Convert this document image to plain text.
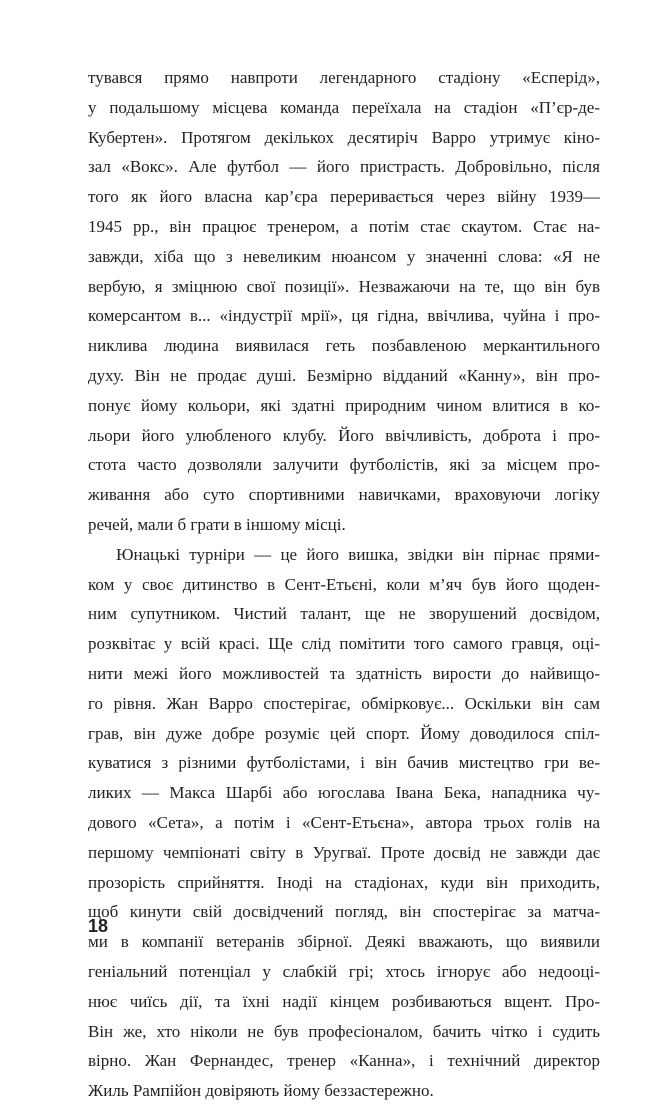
тувався прямо навпроти легендарного стадіону «Есперід»,
у подальшому місцева команда переїхала на стадіон «П’єр-де-
Кубертен». Протягом декількох десятиріч Варро утримує кіно-
зал «Вокс». Але футбол — його пристрасть. Добровільно, після
того як його власна кар’єра переривається через війну 1939—
1945 рр., він працює тренером, а потім стає скаутом. Стає на-
завжди, хіба що з невеликим нюансом у значенні слова: «Я не
вербую, я зміцнюю свої позиції». Незважаючи на те, що він був
комерсантом в... «індустрії мрії», ця гідна, ввічлива, чуйна і про-
никлива людина виявилася геть позбавленою меркантильного
духу. Він не продає душі. Безмірно відданий «Канну», він про-
понує йому кольори, які здатні природним чином влитися в ко-
льори його улюбленого клубу. Його ввічливість, доброта і про-
стота часто дозволяли залучити футболістів, які за місцем про-
живання або суто спортивними навичками, враховуючи логіку
речей, мали б грати в іншому місці.
Юнацькі турніри — це його вишка, звідки він пірнає прями-
ком у своє дитинство в Сент-Етьєні, коли м’яч був його щоден-
ним супутником. Чистий талант, ще не зворушений досвідом,
розквітає у всій красі. Ще слід помітити того самого гравця, оці-
нити межі його можливостей та здатність вирости до найвищо-
го рівня. Жан Варро спостерігає, обмірковує... Оскільки він сам
грав, він дуже добре розуміє цей спорт. Йому доводилося спіл-
куватися з різними футболістами, і він бачив мистецтво гри ве-
ликих — Макса Шарбі або югослава Івана Бека, нападника чу-
дового «Сета», а потім і «Сент-Етьєна», автора трьох голів на
першому чемпіонаті світу в Уругваї. Проте досвід не завжди дає
прозорість сприйняття. Іноді на стадіонах, куди він приходить,
щоб кинути свій досвідчений погляд, він спостерігає за матча-
ми в компанії ветеранів збірної. Деякі вважають, що виявили
геніальний потенціал у слабкій грі; хтось ігнорує або недооці-
нює чиїсь дії, та їхні надії кінцем розбиваються вщент. Про-
Він же, хто ніколи не був професіоналом, бачить чітко і судить
вірно. Жан Фернандес, тренер «Канна», і технічний директор
Жиль Рампійон довіряють йому беззастережно.
18
